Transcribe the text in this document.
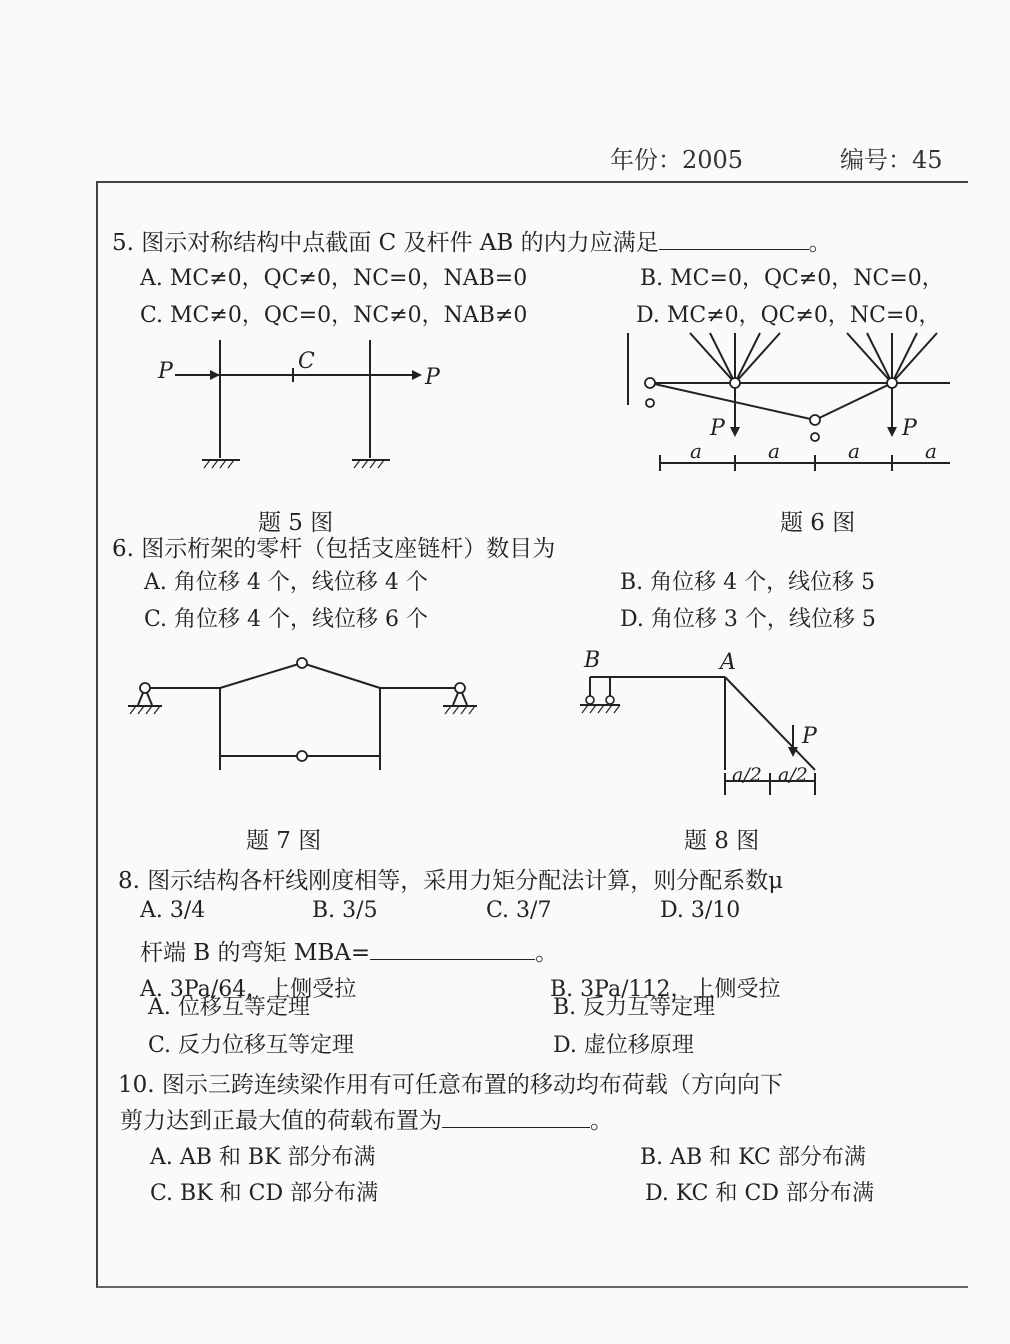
年份：2005	编号：45
5. 图示对称结构中点截面 C 及杆件 AB 的内力应满足	。
A. MC≠0，QC≠0，NC=0，NAB=0	B. MC=0，QC≠0，NC=0，
C. MC≠0，QC=0，NC≠0，NAB≠0	D. MC≠0，QC≠0，NC=0，
P	P
C
题 5 图
P	P
a	a	a	a
题 6 图
6. 图示桁架的零杆（包括支座链杆）数目为
A. 角位移 4 个，线位移 4 个	B. 角位移 4 个，线位移 5
C. 角位移 4 个，线位移 6 个	D. 角位移 3 个，线位移 5
题 7 图
B	A
P
a/2 a/2
题 8 图
8. 图示结构各杆线刚度相等，采用力矩分配法计算，则分配系数μ
A. 3/4	B. 3/5	C. 3/7	D. 3/10
杆端 B 的弯矩 MBA=	。
A. 3Pa/64，上侧受拉	B. 3Pa/112，上侧受拉
A. 位移互等定理	B. 反力互等定理
C. 反力位移互等定理	D. 虚位移原理
10. 图示三跨连续梁作用有可任意布置的移动均布荷载（方向向下
剪力达到正最大值的荷载布置为	。
A. AB 和 BK 部分布满	B. AB 和 KC 部分布满
C. BK 和 CD 部分布满	D. KC 和 CD 部分布满
